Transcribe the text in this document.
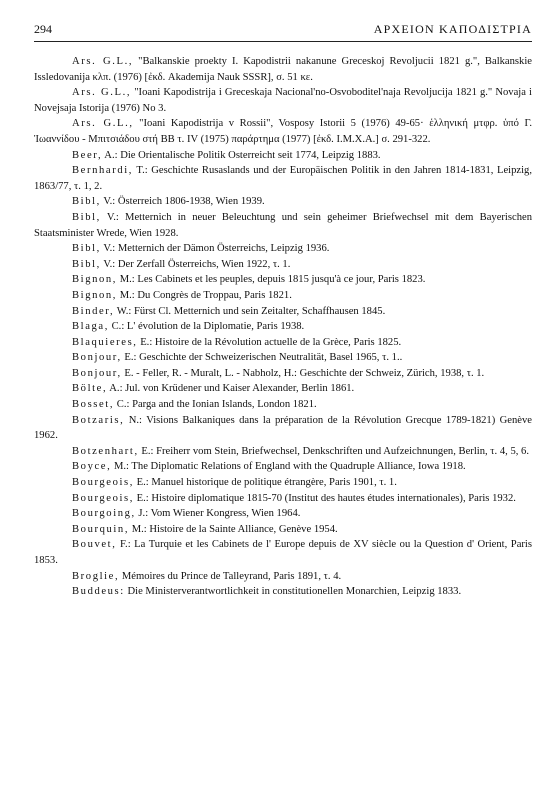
294	ΑΡΧΕΙΟΝ ΚΑΠΟΔΙΣΤΡΙΑ

Ars. G.L., "Balkanskie proekty I. Kapodistrii nakanune Greceskoj Revoljucii 1821 g.", Balkanskie Issledovanija κλπ. (1976) [ἐκδ. Akademija Nauk SSSR], σ. 51 κε.

Ars. G.L., "Ioani Kapodistrija i Greceskaja Nacional'no-Osvoboditel'naja Revoljucija 1821 g." Novaja i Novejsaja Istorija (1976) No 3.

Ars. G.L., "Ioani Kapodistrija v Rossii", Vosposy Istorii 5 (1976) 49-65· ἑλληνική μτφρ. ὑπό Γ. Ἰωαννίδου - Μπιτσιάδου στή ΒΒ τ. IV (1975) παράρτημα (1977) [ἐκδ. Ι.Μ.Χ.Α.] σ. 291-322.

Beer, A.: Die Orientalische Politik Osterreicht seit 1774, Leipzig 1883.

Bernhardi, T.: Geschichte Rusaslands und der Europäischen Politik in den Jahren 1814-1831, Leipzig, 1863/77, τ. 1, 2.

Bibl, V.: Österreich 1806-1938, Wien 1939.

Bibl, V.: Metternich in neuer Beleuchtung und sein geheimer Briefwechsel mit dem Bayerischen Staatsminister Wrede, Wien 1928.

Bibl, V.: Metternich der Dämon Österreichs, Leipzig 1936.

Bibl, V.: Der Zerfall Österreichs, Wien 1922, τ. 1.

Bignon, M.: Les Cabinets et les peuples, depuis 1815 jusqu'à ce jour, Paris 1823.

Bignon, M.: Du Congrès de Troppau, Paris 1821.

Binder, W.: Fürst Cl. Metternich und sein Zeitalter, Schaffhausen 1845.

Blaga, C.: L' évolution de la Diplomatie, Paris 1938.

Blaquieres, E.: Histoire de la Révolution actuelle de la Grèce, Paris 1825.

Bonjour, E.: Geschichte der Schweizerischen Neutralität, Basel 1965, τ. 1..

Bonjour, E. - Feller, R. - Muralt, L. - Nabholz, H.: Geschichte der Schweiz, Zürich, 1938, τ. 1.

Bölte, A.: Jul. von Krüdener und Kaiser Alexander, Berlin 1861.

Bosset, C.: Parga and the Ionian Islands, London 1821.

Botzaris, N.: Visions Balkaniques dans la préparation de la Révolution Grecque 1789-1821) Genève 1962.

Botzenhart, E.: Freiherr vom Stein, Briefwechsel, Denkschriften und Aufzeichnungen, Berlin, τ. 4, 5, 6.

Boyce, M.: The Diplomatic Relations of England with the Quadruple Alliance, Iowa 1918.

Bourgeois, E.: Manuel historique de politique étrangère, Paris 1901, τ. 1.

Bourgeois, E.: Histoire diplomatique 1815-70 (Institut des hautes études internationales), Paris 1932.

Bourgoing, J.: Vom Wiener Kongress, Wien 1964.

Bourquin, M.: Histoire de la Sainte Alliance, Genève 1954.

Bouvet, F.: La Turquie et les Cabinets de l' Europe depuis de XV siècle ou la Question d' Orient, Paris 1853.

Broglie, Mémoires du Prince de Talleyrand, Paris 1891, τ. 4.

Buddeus: Die Ministerverantwortlichkeit in constitutionellen Monarchien, Leipzig 1833.
